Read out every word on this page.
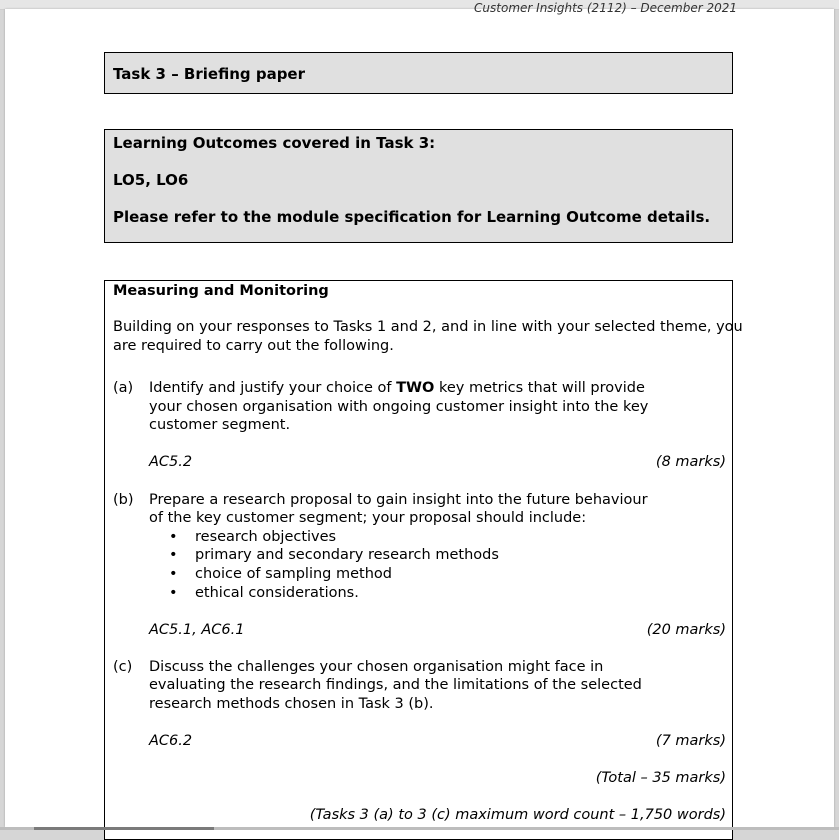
Customer Insights (2112) – December 2021
Task 3 – Briefing paper
Learning Outcomes covered in Task 3:
LO5, LO6
Please refer to the module specification for Learning Outcome details.
Measuring and Monitoring
Building on your responses to Tasks 1 and 2, and in line with your selected theme, you
are required to carry out the following.
(a) Identify and justify your choice of TWO key metrics that will provide
your chosen organisation with ongoing customer insight into the key
customer segment.
AC5.2	(8 marks)
(b) Prepare a research proposal to gain insight into the future behaviour
of the key customer segment; your proposal should include:
• research objectives
• primary and secondary research methods
• choice of sampling method
• ethical considerations.
AC5.1, AC6.1	(20 marks)
(c) Discuss the challenges your chosen organisation might face in
evaluating the research findings, and the limitations of the selected
research methods chosen in Task 3 (b).
AC6.2	(7 marks)
(Total – 35 marks)
(Tasks 3 (a) to 3 (c) maximum word count – 1,750 words)
